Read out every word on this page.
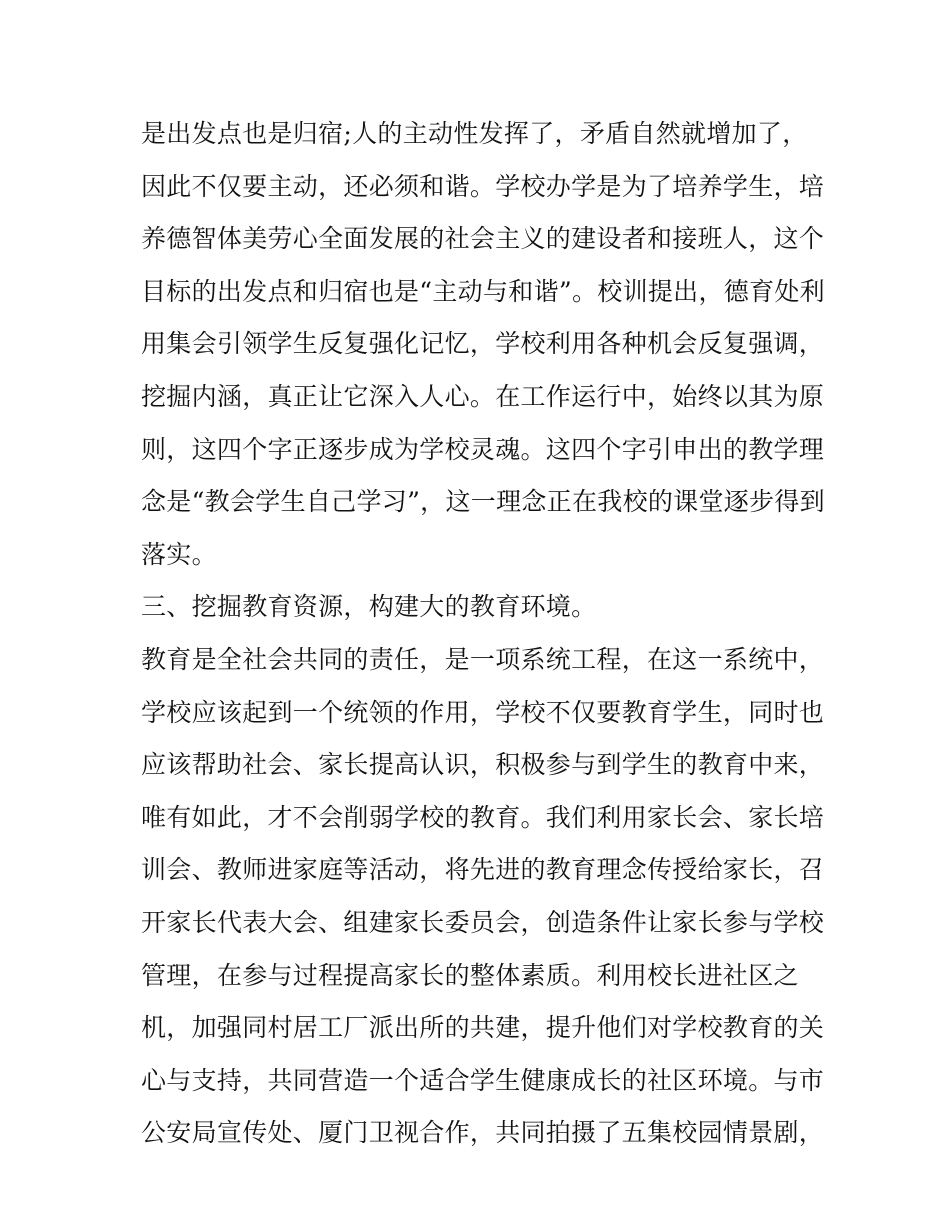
是出发点也是归宿;人的主动性发挥了，矛盾自然就增加了，
因此不仅要主动，还必须和谐。学校办学是为了培养学生，培
养德智体美劳心全面发展的社会主义的建设者和接班人，这个
目标的出发点和归宿也是“主动与和谐”。校训提出，德育处利
用集会引领学生反复强化记忆，学校利用各种机会反复强调，
挖掘内涵，真正让它深入人心。在工作运行中，始终以其为原
则，这四个字正逐步成为学校灵魂。这四个字引申出的教学理
念是“教会学生自己学习”，这一理念正在我校的课堂逐步得到
落实。
三、挖掘教育资源，构建大的教育环境。
教育是全社会共同的责任，是一项系统工程，在这一系统中，
学校应该起到一个统领的作用，学校不仅要教育学生，同时也
应该帮助社会、家长提高认识，积极参与到学生的教育中来，
唯有如此，才不会削弱学校的教育。我们利用家长会、家长培
训会、教师进家庭等活动，将先进的教育理念传授给家长，召
开家长代表大会、组建家长委员会，创造条件让家长参与学校
管理，在参与过程提高家长的整体素质。利用校长进社区之
机，加强同村居工厂派出所的共建，提升他们对学校教育的关
心与支持，共同营造一个适合学生健康成长的社区环境。与市
公安局宣传处、厦门卫视合作，共同拍摄了五集校园情景剧，
